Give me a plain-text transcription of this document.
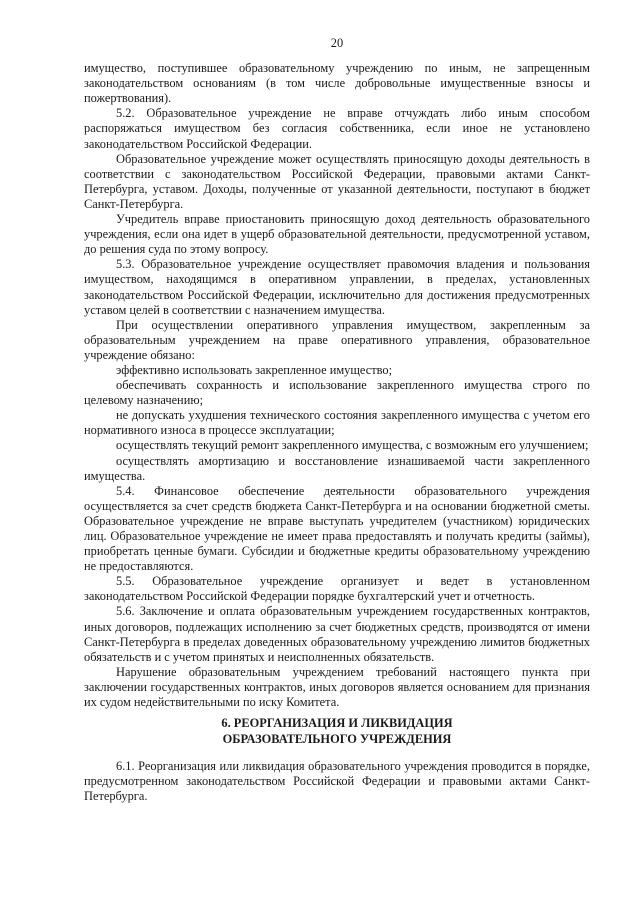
20

имущество, поступившее образовательному учреждению по иным, не запрещенным законодательством основаниям (в том числе добровольные имущественные взносы и пожертвования).

5.2. Образовательное учреждение не вправе отчуждать либо иным способом распоряжаться имуществом без согласия собственника, если иное не установлено законодательством Российской Федерации.

Образовательное учреждение может осуществлять приносящую доходы деятельность в соответствии с законодательством Российской Федерации, правовыми актами Санкт-Петербурга, уставом. Доходы, полученные от указанной деятельности, поступают в бюджет Санкт-Петербурга.

Учредитель вправе приостановить приносящую доход деятельность образовательного учреждения, если она идет в ущерб образовательной деятельности, предусмотренной уставом, до решения суда по этому вопросу.

5.3. Образовательное учреждение осуществляет правомочия владения и пользования имуществом, находящимся в оперативном управлении, в пределах, установленных законодательством Российской Федерации, исключительно для достижения предусмотренных уставом целей в соответствии с назначением имущества.

При осуществлении оперативного управления имуществом, закрепленным за образовательным учреждением на праве оперативного управления, образовательное учреждение обязано:

эффективно использовать закрепленное имущество;

обеспечивать сохранность и использование закрепленного имущества строго по целевому назначению;

не допускать ухудшения технического состояния закрепленного имущества с учетом его нормативного износа в процессе эксплуатации;

осуществлять текущий ремонт закрепленного имущества, с возможным его улучшением;

осуществлять амортизацию и восстановление изнашиваемой части закрепленного имущества.

5.4. Финансовое обеспечение деятельности образовательного учреждения осуществляется за счет средств бюджета Санкт-Петербурга и на основании бюджетной сметы. Образовательное учреждение не вправе выступать учредителем (участником) юридических лиц. Образовательное учреждение не имеет права предоставлять и получать кредиты (займы), приобретать ценные бумаги. Субсидии и бюджетные кредиты образовательному учреждению не предоставляются.

5.5. Образовательное учреждение организует и ведет в установленном законодательством Российской Федерации порядке бухгалтерский учет и отчетность.

5.6. Заключение и оплата образовательным учреждением государственных контрактов, иных договоров, подлежащих исполнению за счет бюджетных средств, производятся от имени Санкт-Петербурга в пределах доведенных образовательному учреждению лимитов бюджетных обязательств и с учетом принятых и неисполненных обязательств.

Нарушение образовательным учреждением требований настоящего пункта при заключении государственных контрактов, иных договоров является основанием для признания их судом недействительными по иску Комитета.

6. РЕОРГАНИЗАЦИЯ И ЛИКВИДАЦИЯ
ОБРАЗОВАТЕЛЬНОГО УЧРЕЖДЕНИЯ

6.1. Реорганизация или ликвидация образовательного учреждения проводится в порядке, предусмотренном законодательством Российской Федерации и правовыми актами Санкт-Петербурга.
